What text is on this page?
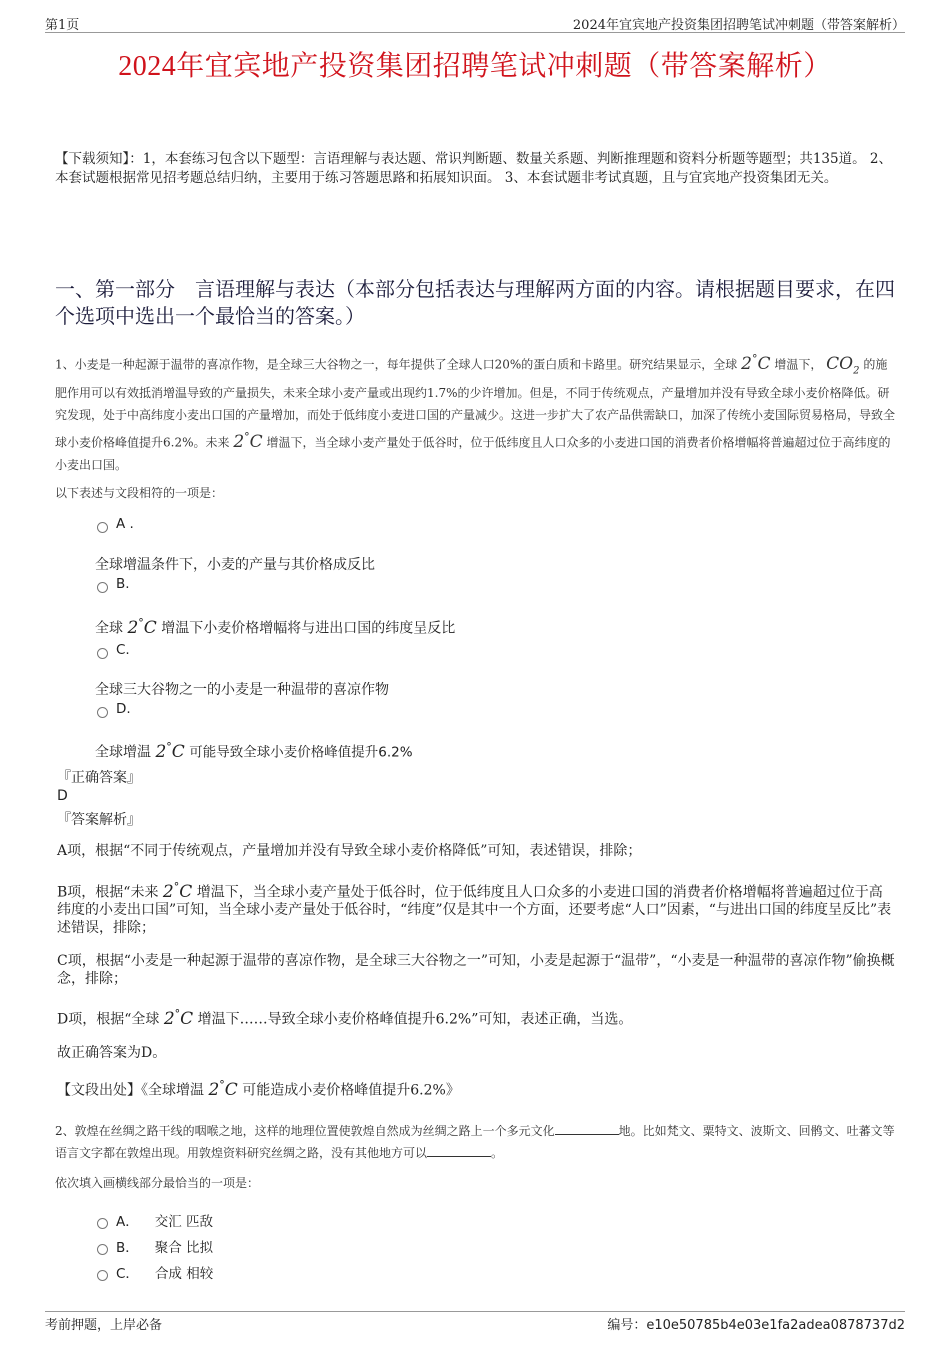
第1页	2024年宜宾地产投资集团招聘笔试冲刺题（带答案解析）
2024年宜宾地产投资集团招聘笔试冲刺题（带答案解析）
【下载须知】：1，本套练习包含以下题型：言语理解与表达题、常识判断题、数量关系题、判断推理题和资料分析题等题型；共135道。 2、本套试题根据常见招考题总结归纳，主要用于练习答题思路和拓展知识面。 3、本套试题非考试真题，且与宜宾地产投资集团无关。
一、第一部分　言语理解与表达（本部分包括表达与理解两方面的内容。请根据题目要求，在四个选项中选出一个最恰当的答案。）
1、小麦是一种起源于温带的喜凉作物，是全球三大谷物之一，每年提供了全球人口20%的蛋白质和卡路里。研究结果显示，全球 2°C 增温下， $CO_2$ 的施肥作用可以有效抵消增温导致的产量损失，未来全球小麦产量或出现约1.7%的少许增加。但是，不同于传统观点，产量增加并没有导致全球小麦价格降低。研究发现，处于中高纬度小麦出口国的产量增加，而处于低纬度小麦进口国的产量减少。这进一步扩大了农产品供需缺口，加深了传统小麦国际贸易格局，导致全球小麦价格峰值提升6.2%。未来 2°C 增温下，当全球小麦产量处于低谷时，位于低纬度且人口众多的小麦进口国的消费者价格增幅将普遍超过位于高纬度的小麦出口国。
以下表述与文段相符的一项是：
A .
全球增温条件下，小麦的产量与其价格成反比
B.
全球 2°C 增温下小麦价格增幅将与进出口国的纬度呈反比
C.
全球三大谷物之一的小麦是一种温带的喜凉作物
D.
全球增温 2°C 可能导致全球小麦价格峰值提升6.2%
『正确答案』
D
『答案解析』
A项，根据“不同于传统观点，产量增加并没有导致全球小麦价格降低”可知，表述错误，排除；
B项，根据“未来 2°C 增温下，当全球小麦产量处于低谷时，位于低纬度且人口众多的小麦进口国的消费者价格增幅将普遍超过位于高纬度的小麦出口国”可知，当全球小麦产量处于低谷时，“纬度”仅是其中一个方面，还要考虑“人口”因素，“与进出口国的纬度呈反比”表述错误，排除；
C项，根据“小麦是一种起源于温带的喜凉作物，是全球三大谷物之一”可知，小麦是起源于“温带”，“小麦是一种温带的喜凉作物”偷换概念，排除；
D项，根据“全球 2°C 增温下……导致全球小麦价格峰值提升6.2%”可知，表述正确，当选。
故正确答案为D。
【文段出处】《全球增温 2°C 可能造成小麦价格峰值提升6.2%》
2、敦煌在丝绸之路干线的咽喉之地，这样的地理位置使敦煌自然成为丝绸之路上一个多元文化	地。比如梵文、粟特文、波斯文、回鹘文、吐蕃文等语言文字都在敦煌出现。用敦煌资料研究丝绸之路，没有其他地方可以	。
依次填入画横线部分最恰当的一项是：
A． 交汇 匹敌
B． 聚合 比拟
C． 合成 相较
考前押题，上岸必备	编号：e10e50785b4e03e1fa2adea0878737d2
